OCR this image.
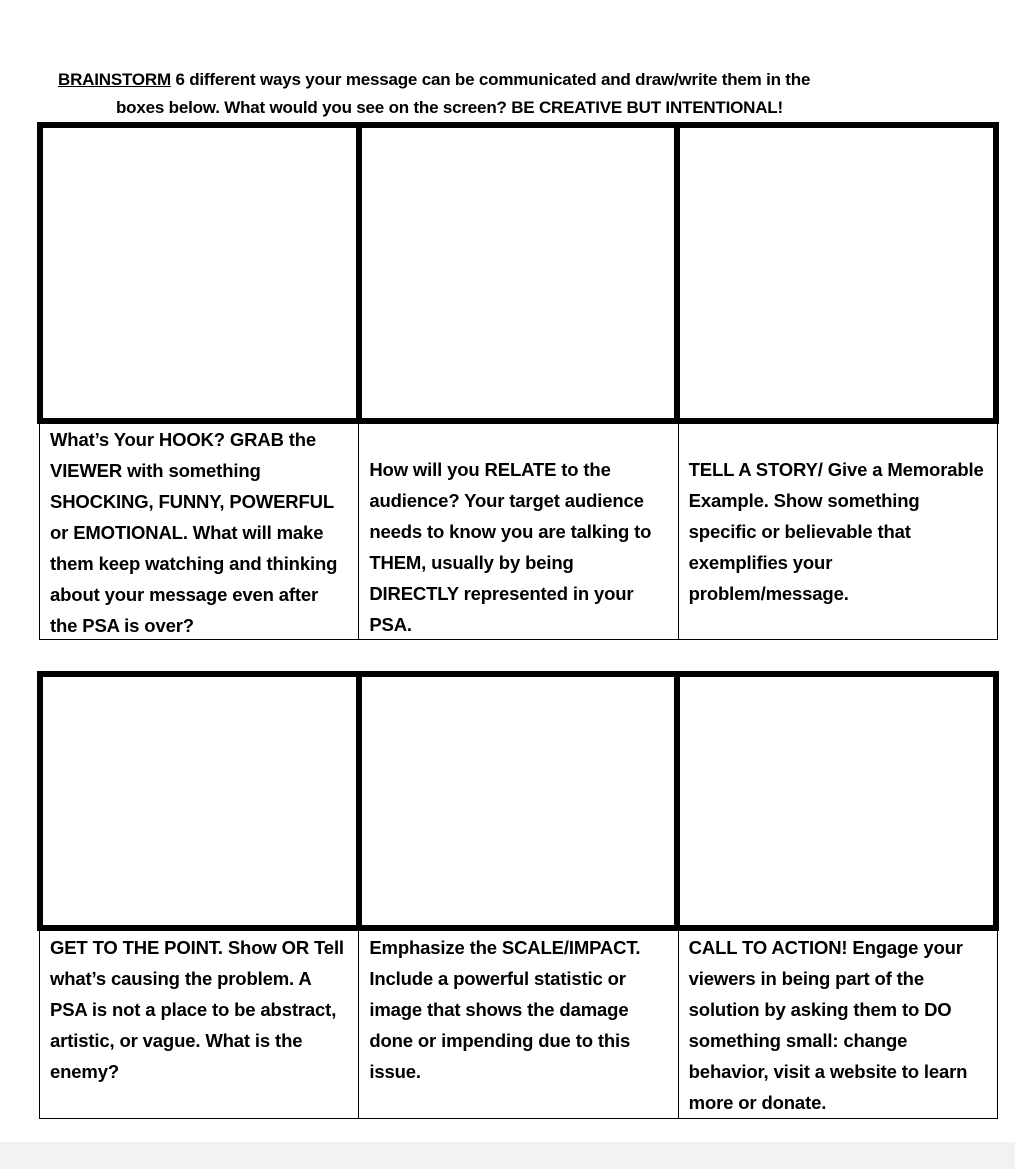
BRAINSTORM 6 different ways your message can be communicated and draw/write them in the
boxes below. What would you see on the screen? BE CREATIVE BUT INTENTIONAL!
What’s Your HOOK? GRAB the VIEWER with something SHOCKING, FUNNY, POWERFUL or EMOTIONAL. What will make them keep watching and thinking about your message even after the PSA is over?
How will you RELATE to the audience? Your target audience needs to know you are talking to THEM, usually by being DIRECTLY represented in your PSA.
TELL A STORY/ Give a Memorable Example. Show something specific or believable that exemplifies your problem/message.
GET TO THE POINT. Show OR Tell what’s causing the problem. A PSA is not a place to be abstract, artistic, or vague. What is the enemy?
Emphasize the SCALE/IMPACT. Include a powerful statistic or image that shows the damage done or impending due to this issue.
CALL TO ACTION! Engage your viewers in being part of the solution by asking them to DO something small: change behavior, visit a website to learn more or donate.
